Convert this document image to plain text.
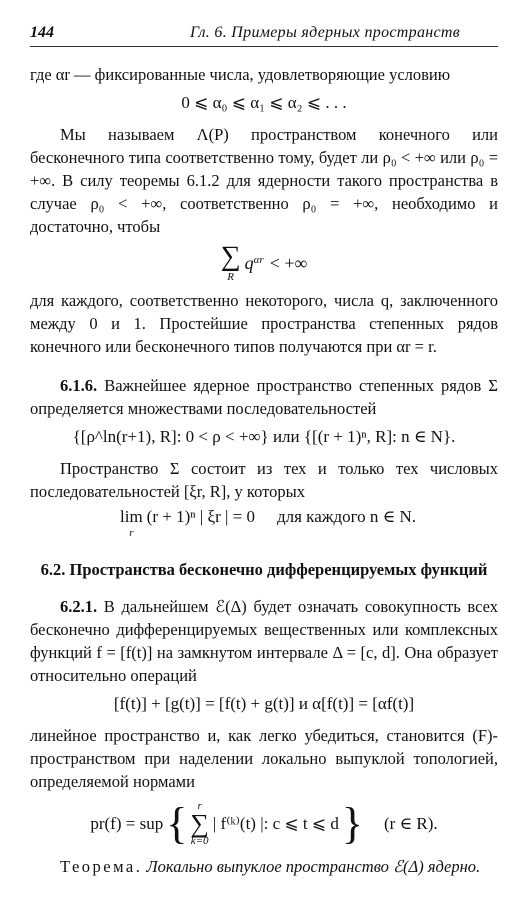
144	Гл. 6. Примеры ядерных пространств

где αr — фиксированные числа, удовлетворяющие условию

0 ⩽ α₀ ⩽ α₁ ⩽ α₂ ⩽ . . .

Мы называем Λ(P) пространством конечного или бесконечного типа соответственно тому, будет ли ρ₀ < +∞ или ρ₀ = +∞. В силу теоремы 6.1.2 для ядерности такого пространства в случае ρ₀ < +∞, соответственно ρ₀ = +∞, необходимо и достаточно, чтобы

∑
R
$q^{\alpha r}$ < +∞

для каждого, соответственно некоторого, числа q, заключенного между 0 и 1. Простейшие пространства степенных рядов конечного или бесконечного типов получаются при αr = r.

6.1.6. Важнейшее ядерное пространство степенных рядов Σ определяется множествами последовательностей

{[ρ^ln(r+1), R]: 0 < ρ < +∞} или {[(r + 1)ⁿ, R]: n ∈ N}.

Пространство Σ состоит из тех и только тех числовых последовательностей [ξr, R], у которых

lim
r
(r + 1)ⁿ | ξr | = 0 для каждого n ∈ N.
6.2. Пространства бесконечно дифференцируемых функций

6.2.1. В дальнейшем ℰ(Δ) будет означать совокупность всех бесконечно дифференцируемых вещественных или комплексных функций f = [f(t)] на замкнутом интервале Δ = [c, d]. Она образует относительно операций

[f(t)] + [g(t)] = [f(t) + g(t)] и α[f(t)] = [αf(t)]

линейное пространство и, как легко убедиться, становится (F)-пространством при наделении локально выпуклой топологией, определяемой нормами

pr(f) = sup { r
∑
k=0
| f⁽ᵏ⁾(t) |: c ⩽ t ⩽ d } (r ∈ R).

Теорема. Локально выпуклое пространство ℰ(Δ) ядерно.
